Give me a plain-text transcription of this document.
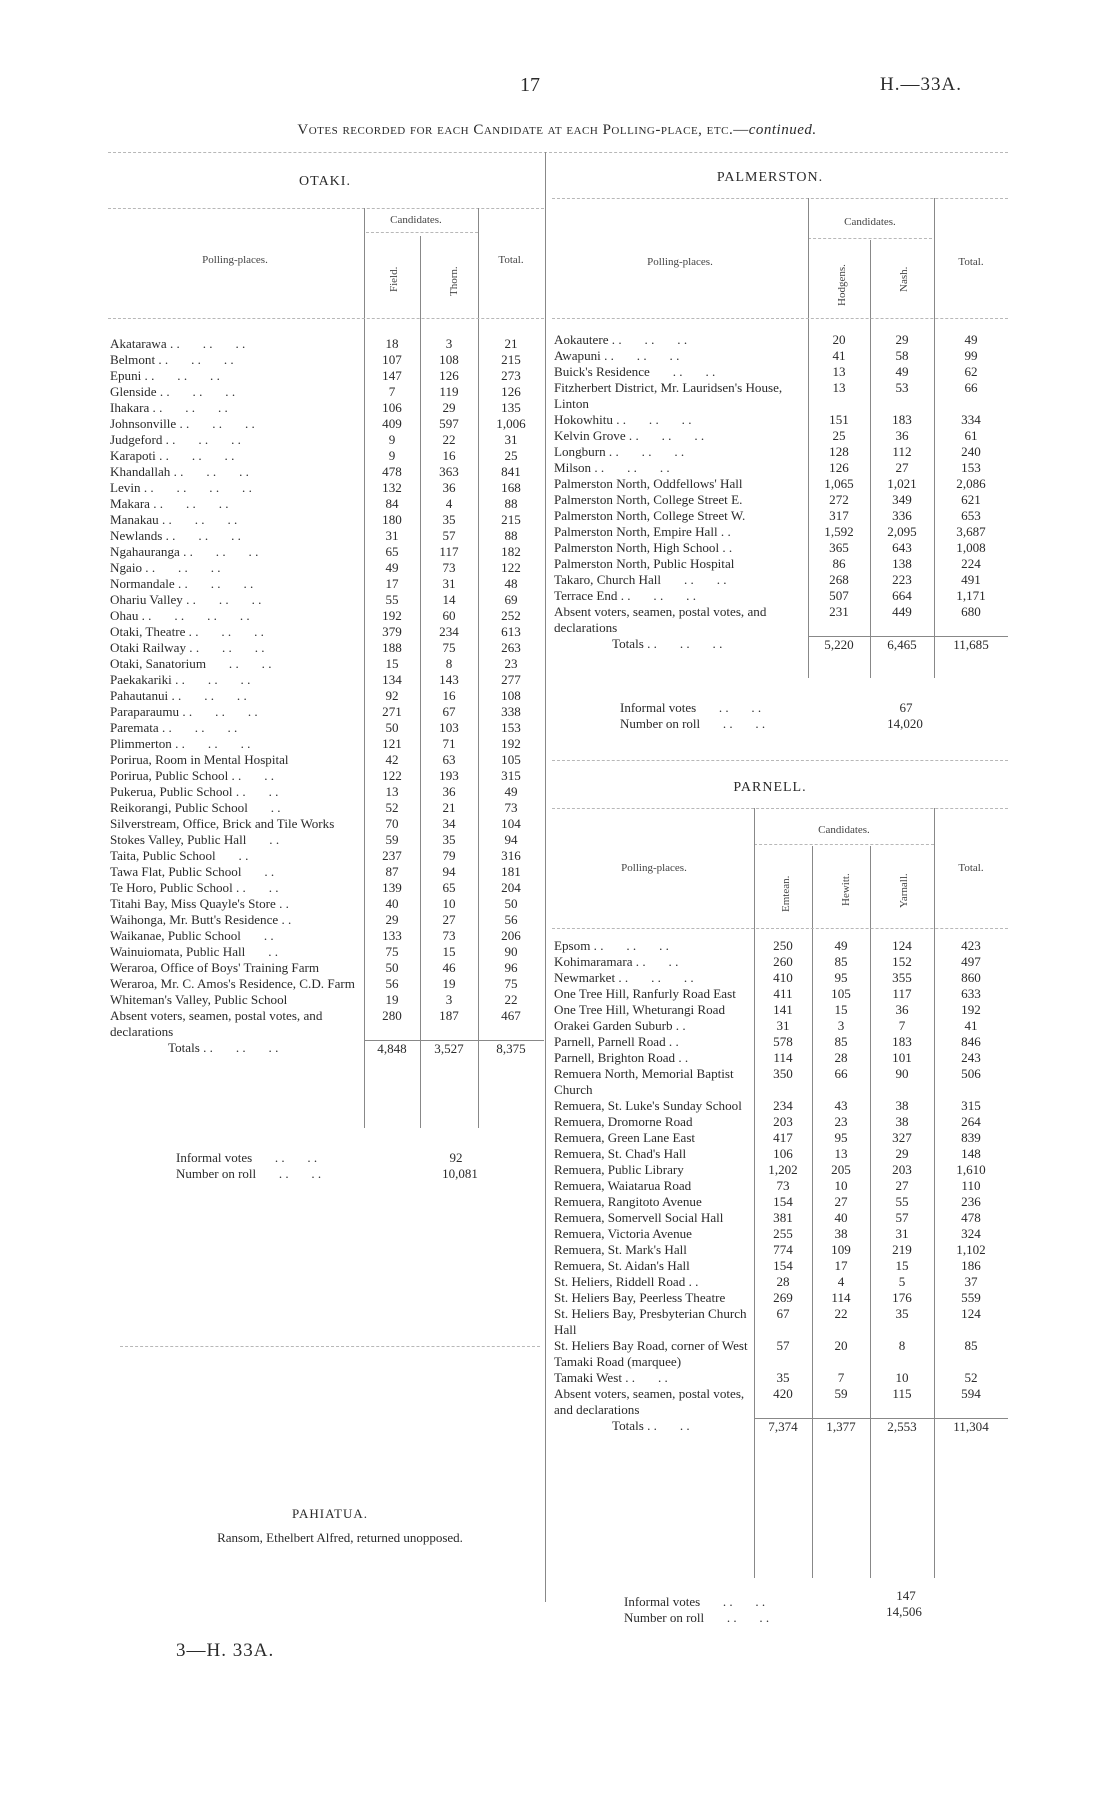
17	H.—33A.
Votes recorded for each Candidate at each Polling-place, etc.—continued.
OTAKI.
Candidates.
Polling-places.
Field.	Thorn.
Total.
Akatarawa . .       . .       . .	18	3	21
Belmont . .       . .       . .	107	108	215
Epuni . .       . .       . .	147	126	273
Glenside . .       . .       . .	7	119	126
Ihakara . .       . .       . .	106	29	135
Johnsonville . .       . .       . .	409	597	1,006
Judgeford . .       . .       . .	9	22	31
Karapoti . .       . .       . .	9	16	25
Khandallah . .       . .       . .	478	363	841
Levin . .       . .       . .       . .	132	36	168
Makara . .       . .       . .	84	4	88
Manakau . .       . .       . .	180	35	215
Newlands . .       . .       . .	31	57	88
Ngahauranga . .       . .       . .	65	117	182
Ngaio . .       . .       . .	49	73	122
Normandale . .       . .       . .	17	31	48
Ohariu Valley . .       . .       . .	55	14	69
Ohau . .       . .       . .       . .	192	60	252
Otaki, Theatre . .       . .       . .	379	234	613
Otaki Railway . .       . .       . .	188	75	263
Otaki, Sanatorium       . .       . .	15	8	23
Paekakariki . .       . .       . .	134	143	277
Pahautanui . .       . .       . .	92	16	108
Paraparaumu . .       . .       . .	271	67	338
Paremata . .       . .       . .	50	103	153
Plimmerton . .       . .       . .	121	71	192
Porirua, Room in Mental Hospital	42	63	105
Porirua, Public School . .       . .	122	193	315
Pukerua, Public School . .       . .	13	36	49
Reikorangi, Public School       . .	52	21	73
Silverstream, Office, Brick and Tile Works	70	34	104
Stokes Valley, Public Hall       . .	59	35	94
Taita, Public School       . .	237	79	316
Tawa Flat, Public School       . .	87	94	181
Te Horo, Public School . .       . .	139	65	204
Titahi Bay, Miss Quayle's Store . .	40	10	50
Waihonga, Mr. Butt's Residence . .	29	27	56
Waikanae, Public School       . .	133	73	206
Wainuiomata, Public Hall       . .	75	15	90
Weraroa, Office of Boys' Training Farm	50	46	96
Weraroa, Mr. C. Amos's Residence, C.D. Farm	56	19	75
Whiteman's Valley, Public School	19	3	22
Absent voters, seamen, postal votes, and declarations	280	187	467
Totals . .       . .       . .	4,848	3,527	8,375
Informal votes       . .       . .	92
Number on roll       . .       . .	10,081
PAHIATUA.
Ransom, Ethelbert Alfred, returned unopposed.
3—H. 33A.
PALMERSTON.
Candidates.
Polling-places.
Hodgens.	Nash.
Total.
Aokautere . .       . .       . .	20	29	49
Awapuni . .       . .       . .	41	58	99
Buick's Residence       . .       . .	13	49	62
Fitzherbert District, Mr. Lauridsen's House, Linton	13	53	66
Hokowhitu . .       . .       . .	151	183	334
Kelvin Grove . .       . .       . .	25	36	61
Longburn . .       . .       . .	128	112	240
Milson . .       . .       . .	126	27	153
Palmerston North, Oddfellows' Hall	1,065	1,021	2,086
Palmerston North, College Street E.	272	349	621
Palmerston North, College Street W.	317	336	653
Palmerston North, Empire Hall . .	1,592	2,095	3,687
Palmerston North, High School . .	365	643	1,008
Palmerston North, Public Hospital	86	138	224
Takaro, Church Hall       . .       . .	268	223	491
Terrace End . .       . .       . .	507	664	1,171
Absent voters, seamen, postal votes, and declarations	231	449	680
Totals . .       . .       . .	5,220	6,465	11,685
Informal votes       . .       . .	67
Number on roll       . .       . .	14,020
PARNELL.
Candidates.
Polling-places.
Emtean.	Hewitt.	Yarnall.
Total.
Epsom . .       . .       . .	250	49	124	423
Kohimaramara . .       . .	260	85	152	497
Newmarket . .       . .       . .	410	95	355	860
One Tree Hill, Ranfurly Road East	411	105	117	633
One Tree Hill, Wheturangi Road	141	15	36	192
Orakei Garden Suburb . .	31	3	7	41
Parnell, Parnell Road . .	578	85	183	846
Parnell, Brighton Road . .	114	28	101	243
Remuera North, Memorial Baptist Church	350	66	90	506
Remuera, St. Luke's Sunday School	234	43	38	315
Remuera, Dromorne Road	203	23	38	264
Remuera, Green Lane East	417	95	327	839
Remuera, St. Chad's Hall	106	13	29	148
Remuera, Public Library	1,202	205	203	1,610
Remuera, Waiatarua Road	73	10	27	110
Remuera, Rangitoto Avenue	154	27	55	236
Remuera, Somervell Social Hall	381	40	57	478
Remuera, Victoria Avenue	255	38	31	324
Remuera, St. Mark's Hall	774	109	219	1,102
Remuera, St. Aidan's Hall	154	17	15	186
St. Heliers, Riddell Road . .	28	4	5	37
St. Heliers Bay, Peerless Theatre	269	114	176	559
St. Heliers Bay, Presbyterian Church Hall	67	22	35	124
St. Heliers Bay Road, corner of West Tamaki Road (marquee)	57	20	8	85
Tamaki West . .       . .	35	7	10	52
Absent voters, seamen, postal votes, and declarations	420	59	115	594
Totals . .       . .	7,374	1,377	2,553	11,304
Informal votes       . .       . .	147
Number on roll       . .       . .	14,506
